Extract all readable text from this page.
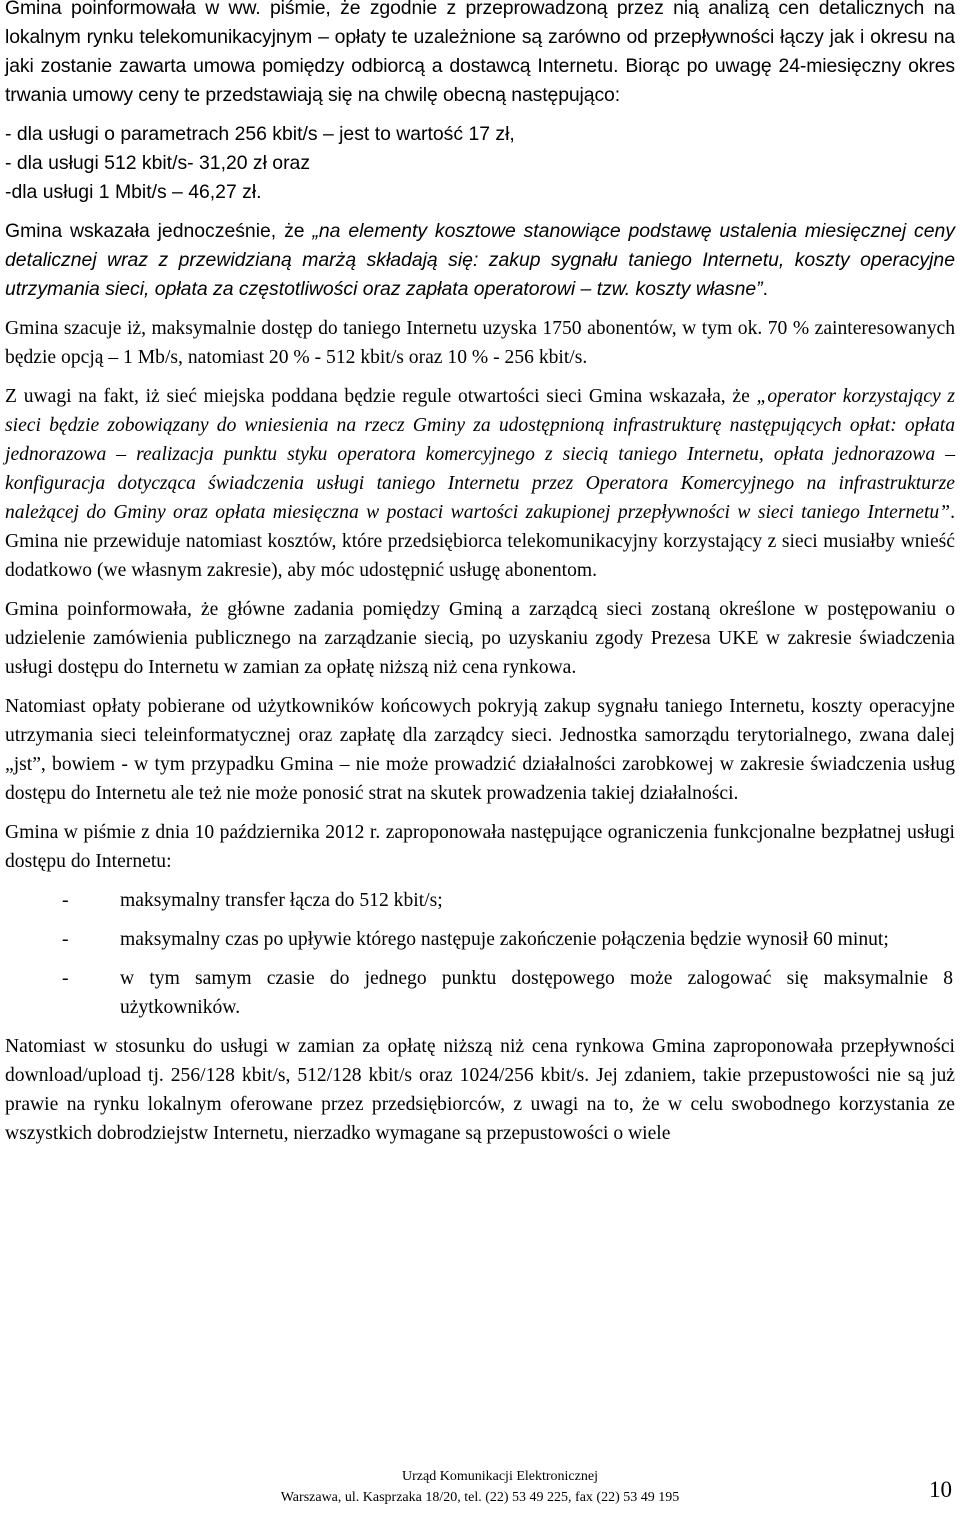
Gmina poinformowała w ww. piśmie, że zgodnie z przeprowadzoną przez nią analizą cen detalicznych na lokalnym rynku telekomunikacyjnym – opłaty te uzależnione są zarówno od przepływności łączy jak i okresu na jaki zostanie zawarta umowa pomiędzy odbiorcą a dostawcą Internetu. Biorąc po uwagę 24-miesięczny okres trwania umowy ceny te przedstawiają się na chwilę obecną następująco:

- dla usługi o parametrach 256 kbit/s – jest to wartość 17 zł,
- dla usługi 512 kbit/s- 31,20 zł oraz
-dla usługi 1 Mbit/s – 46,27 zł.

Gmina wskazała jednocześnie, że „na elementy kosztowe stanowiące podstawę ustalenia miesięcznej ceny detalicznej wraz z przewidzianą marżą składają się: zakup sygnału taniego Internetu, koszty operacyjne utrzymania sieci, opłata za częstotliwości oraz zapłata operatorowi – tzw. koszty własne”.

Gmina szacuje iż, maksymalnie dostęp do taniego Internetu uzyska 1750 abonentów, w tym ok. 70 % zainteresowanych będzie opcją – 1 Mb/s, natomiast 20 % - 512 kbit/s oraz 10 % - 256 kbit/s.

Z uwagi na fakt, iż sieć miejska poddana będzie regule otwartości sieci Gmina wskazała, że „operator korzystający z sieci będzie zobowiązany do wniesienia na rzecz Gminy za udostępnioną infrastrukturę następujących opłat: opłata jednorazowa – realizacja punktu styku operatora komercyjnego z siecią taniego Internetu, opłata jednorazowa – konfiguracja dotycząca świadczenia usługi taniego Internetu przez Operatora Komercyjnego na infrastrukturze należącej do Gminy oraz opłata miesięczna w postaci wartości zakupionej przepływności w sieci taniego Internetu”. Gmina nie przewiduje natomiast kosztów, które przedsiębiorca telekomunikacyjny korzystający z sieci musiałby wnieść dodatkowo (we własnym zakresie), aby móc udostępnić usługę abonentom.

Gmina poinformowała, że główne zadania pomiędzy Gminą a zarządcą sieci zostaną określone w postępowaniu o udzielenie zamówienia publicznego na zarządzanie siecią, po uzyskaniu zgody Prezesa UKE w zakresie świadczenia usługi dostępu do Internetu w zamian za opłatę niższą niż cena rynkowa.

Natomiast opłaty pobierane od użytkowników końcowych pokryją zakup sygnału taniego Internetu, koszty operacyjne utrzymania sieci teleinformatycznej oraz zapłatę dla zarządcy sieci. Jednostka samorządu terytorialnego, zwana dalej „jst”, bowiem - w tym przypadku Gmina – nie może prowadzić działalności zarobkowej w zakresie świadczenia usług dostępu do Internetu ale też nie może ponosić strat na skutek prowadzenia takiej działalności.

Gmina w piśmie z dnia 10 października 2012 r. zaproponowała następujące ograniczenia funkcjonalne bezpłatnej usługi dostępu do Internetu:

-	maksymalny transfer łącza do 512 kbit/s;
-	maksymalny czas po upływie którego następuje zakończenie połączenia będzie wynosił 60 minut;
-	w tym samym czasie do jednego punktu dostępowego może zalogować się maksymalnie 8 użytkowników.

Natomiast w stosunku do usługi w zamian za opłatę niższą niż cena rynkowa Gmina zaproponowała przepływności download/upload tj. 256/128 kbit/s, 512/128 kbit/s oraz 1024/256 kbit/s. Jej zdaniem, takie przepustowości nie są już prawie na rynku lokalnym oferowane przez przedsiębiorców, z uwagi na to, że w celu swobodnego korzystania ze wszystkich dobrodziejstw Internetu, nierzadko wymagane są przepustowości o wiele

Urząd Komunikacji Elektronicznej
Warszawa, ul. Kasprzaka 18/20, tel. (22) 53 49 225, fax (22) 53 49 195	10
